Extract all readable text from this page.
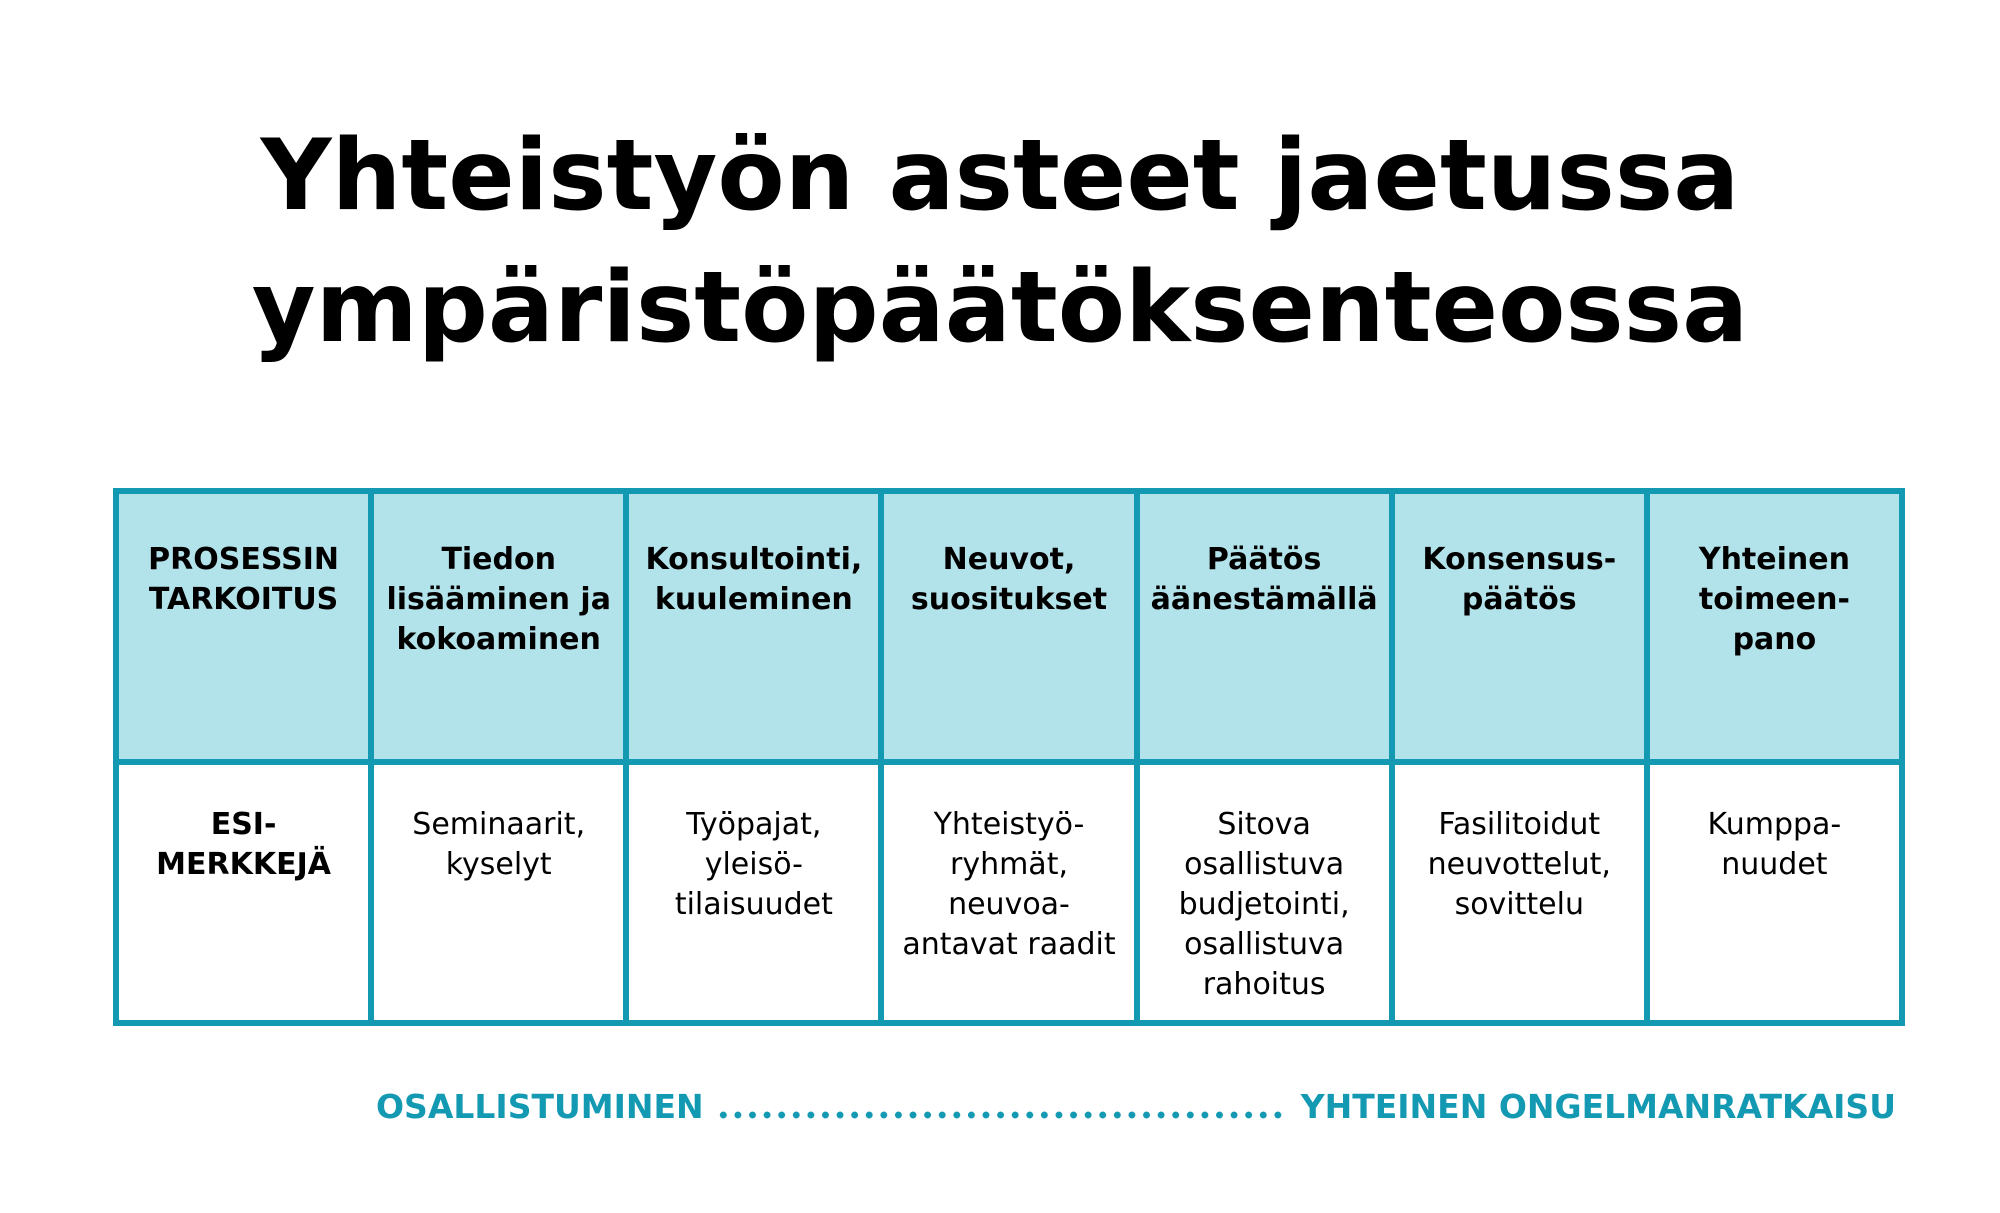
Yhteistyön asteet jaetussa
ympäristöpäätöksenteossa
PROSESSIN
TARKOITUS
Tiedon
lisääminen ja
kokoaminen
Konsultointi,
kuuleminen
Neuvot,
suositukset
Päätös
äänestämällä
Konsensus-
päätös
Yhteinen
toimeen-
pano
ESI-
MERKKEJÄ
Seminaarit,
kyselyt
Työpajat,
yleisö-
tilaisuudet
Yhteistyö-
ryhmät,
neuvoa-
antavat raadit
Sitova
osallistuva
budjetointi,
osallistuva
rahoitus
Fasilitoidut
neuvottelut,
sovittelu
Kumppa-
nuudet
OSALLISTUMINEN	YHTEINEN ONGELMANRATKAISU
